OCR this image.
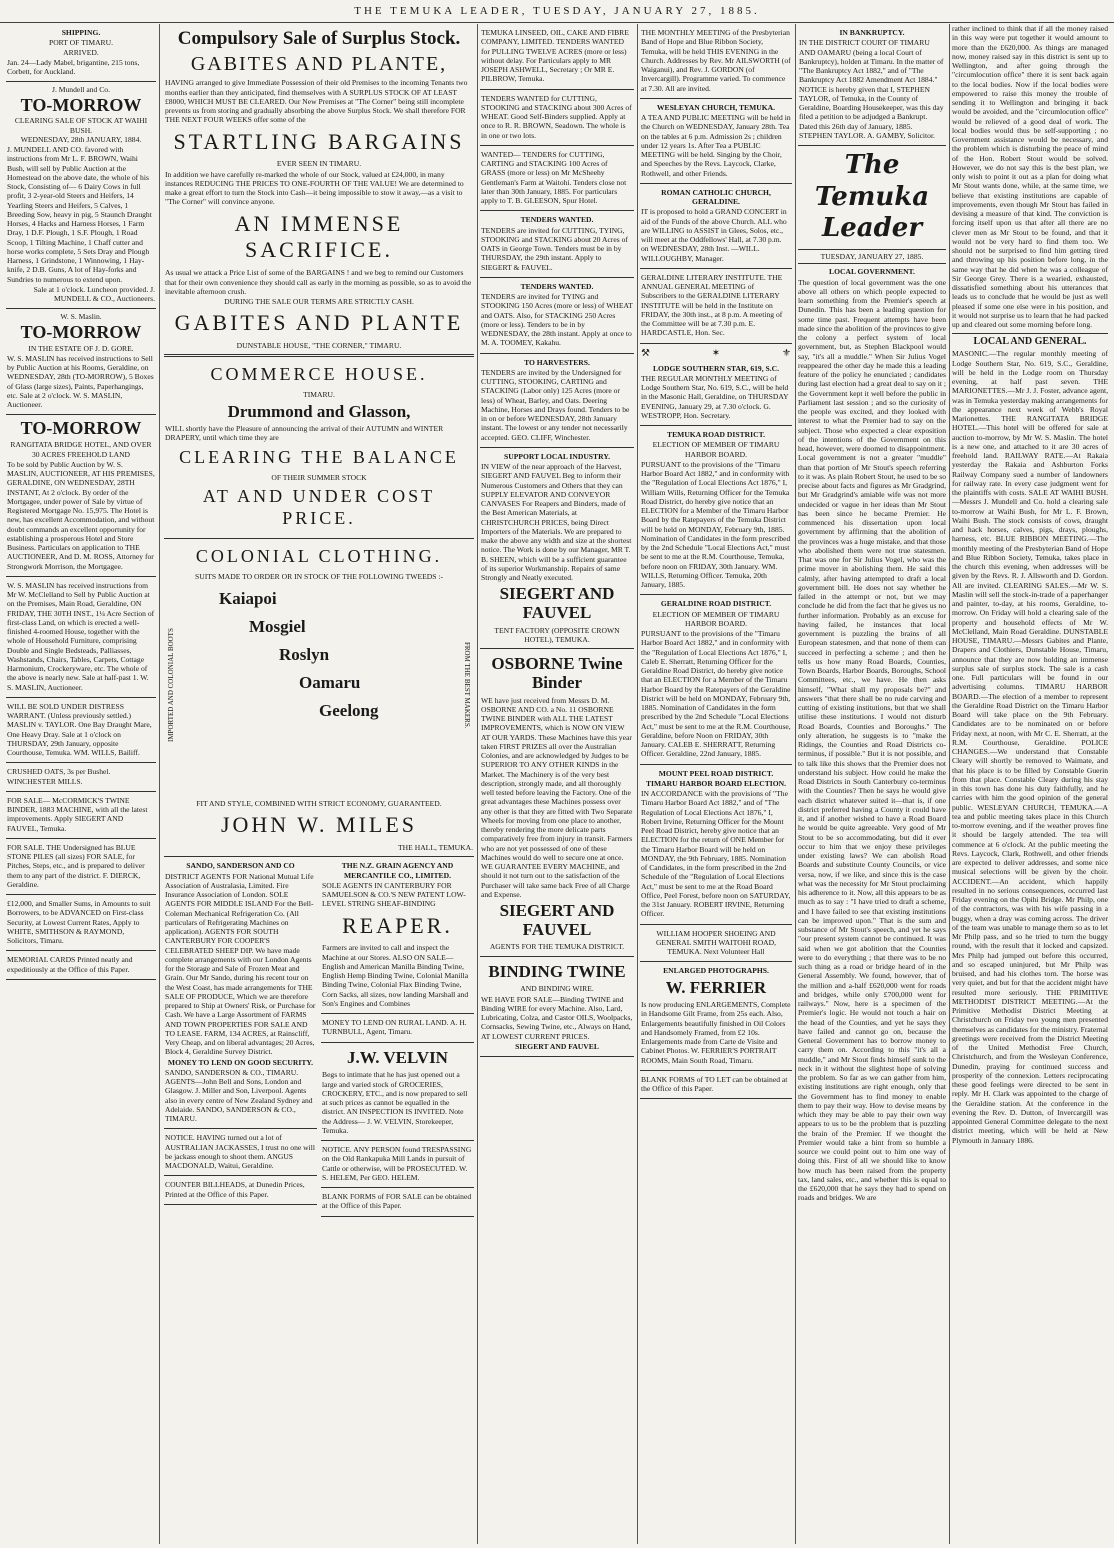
THE TEMUKA LEADER, TUESDAY, JANUARY 27, 1885.
SHIPPING.
PORT OF TIMARU.
ARRIVED.

Jan. 24—Lady Mabel, brigantine, 215 tons, Corbett, for Auckland.

J. Mundell and Co.
TO-MORROW
CLEARING SALE OF STOCK AT WAIHI BUSH.
WEDNESDAY, 28th JANUARY, 1884.

J. MUNDELL AND CO. favored with instructions from Mr L. F. BROWN, Waihi Bush, will sell by Public Auction at the Homestead on the above date, the whole of his Stock, Consisting of— 6 Dairy Cows in full profit, 3 2-year-old Steers and Heifers, 14 Yearling Steers and Heifers, 5 Calves, 1 Breeding Sow, heavy in pig, 5 Staunch Draught Horses, 4 Hacks and Harness Horses, 1 Farm Dray, 1 D.F. Plough, 1 S.F. Plough, 1 Road Scoop, 1 Tilting Machine, 1 Chaff cutter and horse works complete, 5 Sets Dray and Plough Harness, 1 Grindstone, 1 Winnowing, 1 Hay-knife, 2 D.B. Guns, A lot of Hay-forks and Sundries to numerous to extend upon.

Sale at 1 o'clock. Luncheon provided. J. MUNDELL & CO., Auctioneers.

W. S. Maslin.
TO-MORROW
IN THE ESTATE OF J. D. GORE.

W. S. MASLIN has received instructions to Sell by Public Auction at his Rooms, Geraldine, on WEDNESDAY, 28th (TO-MORROW), 5 Boxes of Glass (large sizes), Paints, Paperhangings, etc. Sale at 2 o'clock. W. S. MASLIN, Auctioneer.

TO-MORROW
RANGITATA BRIDGE HOTEL, AND OVER 30 ACRES FREEHOLD LAND

To be sold by Public Auction by W. S. MASLIN, AUCTIONEER, AT HIS PREMISES, GERALDINE, ON WEDNESDAY, 28TH INSTANT, At 2 o'clock. By order of the Mortgagee, under power of Sale by virtue of Registered Mortgage No. 15,975. The Hotel is new, has excellent Accommodation, and without doubt commands an excellent opportunity for establishing a prosperous Hotel and Store Business. Particulars on application to THE AUCTIONEER, And D. M. ROSS, Attorney for Strongwork Morrison, the Mortgagee.

W. S. MASLIN has received instructions from Mr W. McClelland to Sell by Public Auction at on the Premises, Main Road, Geraldine, ON FRIDAY, THE 30TH INST., 1¼ Acre Section of first-class Land, on which is erected a well-finished 4-roomed House, together with the whole of Household Furniture, comprising Double and Single Bedsteads, Palliasses, Washstands, Chairs, Tables, Carpets, Cottage Harmonium, Crockeryware, etc. The whole of the above is nearly new. Sale at half-past 1. W. S. MASLIN, Auctioneer.

WILL BE SOLD UNDER DISTRESS WARRANT. (Unless previously settled.) MASLIN v. TAYLOR. One Bay Draught Mare, One Heavy Dray. Sale at 1 o'clock on THURSDAY, 29th January, opposite Courthouse, Temuka. WM. WILLS, Bailiff.

CRUSHED OATS, 3s per Bushel. WINCHESTER MILLS.

FOR SALE— McCORMICK'S TWINE BINDER, 1883 MACHINE, with all the latest improvements. Apply SIEGERT AND FAUVEL, Temuka.

FOR SALE. THE Undersigned has BLUE STONE PILES (all sizes) FOR SALE, for Pitches, Steps, etc., and is prepared to deliver them to any part of the district. F. DIERCK, Geraldine.

£12,000, and Smaller Sums, in Amounts to suit Borrowers, to be ADVANCED on First-class Security, at Lowest Current Rates, Apply to WHITE, SMITHSON & RAYMOND, Solicitors, Timaru.

MEMORIAL CARDS Printed neatly and expeditiously at the Office of this Paper.

Compulsory Sale of Surplus Stock.
GABITES AND PLANTE,

HAVING arranged to give Immediate Possession of their old Premises to the incoming Tenants two months earlier than they anticipated, find themselves with A SURPLUS STOCK OF AT LEAST £8000, WHICH MUST BE CLEARED. Our New Premises at "The Corner" being still incomplete prevents us from storing and gradually absorbing the above Surplus Stock. We shall therefore FOR THE NEXT FOUR WEEKS offer some of the

STARTLING BARGAINS
EVER SEEN IN TIMARU.

In addition we have carefully re-marked the whole of our Stock, valued at £24,000, in many instances REDUCING THE PRICES TO ONE-FOURTH OF THE VALUE! We are determined to make a great effort to turn the Stock into Cash—it being impossible to stow it away,—as a visit to "The Corner" will convince anyone.

AN IMMENSE SACRIFICE.

As usual we attack a Price List of some of the BARGAINS ! and we beg to remind our Customers that for their own convenience they should call as early in the morning as possible, so as to avoid the inevitable afternoon crush.

DURING THE SALE OUR TERMS ARE STRICTLY CASH.
GABITES AND PLANTE
DUNSTABLE HOUSE, "THE CORNER," TIMARU.
COMMERCE HOUSE.
TIMARU.
Drummond and Glasson,

WILL shortly have the Pleasure of announcing the arrival of their AUTUMN and WINTER DRAPERY, until which time they are

CLEARING THE BALANCE
OF THEIR SUMMER STOCK
AT AND UNDER COST PRICE.
COLONIAL CLOTHING.
SUITS MADE TO ORDER OR IN STOCK OF THE FOLLOWING TWEEDS :-
IMPORTED AND COLONIAL BOOTS
Kaiapoi
Mosgiel
Roslyn
Oamaru
Geelong	FROM THE BEST MAKERS.
FIT AND STYLE, COMBINED WITH STRICT ECONOMY, GUARANTEED.
JOHN W. MILES
THE HALL, TEMUKA.
SANDO, SANDERSON AND CO

DISTRICT AGENTS FOR National Mutual Life Association of Australasia, Limited. Fire Insurance Association of London. SOLE AGENTS FOR MIDDLE ISLAND For the Bell-Coleman Mechanical Refrigeration Co. (All particulars of Refrigerating Machines on application). AGENTS FOR SOUTH CANTERBURY FOR COOPER'S CELEBRATED SHEEP DIP. We have made complete arrangements with our London Agents for the Storage and Sale of Frozen Meat and Grain. Our Mr Sando, during his recent tour on the West Coast, has made arrangements for THE SALE OF PRODUCE, Which we are therefore prepared to Ship at Owners' Risk, or Purchase for Cash. We have a Large Assortment of FARMS AND TOWN PROPERTIES FOR SALE AND TO LEASE. FARM, 134 ACRES, at Rainscliff, Very Cheap, and on liberal advantages; 20 Acres, Block 4, Geraldine Survey District.

MONEY TO LEND ON GOOD SECURITY.

SANDO, SANDERSON & CO., TIMARU. AGENTS—John Bell and Sons, London and Glasgow. J. Miller and Son, Liverpool. Agents also in every centre of New Zealand Sydney and Adelaide. SANDO, SANDERSON & CO., TIMARU.

NOTICE. HAVING turned out a lot of AUSTRALIAN JACKASSES, I trust no one will be jackass enough to shoot them. ANGUS MACDONALD, Waitui, Geraldine.

COUNTER BILLHEADS, at Dunedin Prices, Printed at the Office of this Paper.

THE N.Z. GRAIN AGENCY AND MERCANTILE CO., LIMITED.

SOLE AGENTS IN CANTERBURY FOR SAMUELSON & CO.'S NEW PATENT LOW-LEVEL STRING SHEAF-BINDING

REAPER.

Farmers are invited to call and inspect the Machine at our Stores. ALSO ON SALE— English and American Manilla Binding Twine, English Hemp Binding Twine, Colonial Manilla Binding Twine, Colonial Flax Binding Twine, Corn Sacks, all sizes, now landing Marshall and Son's Engines and Combines

MONEY TO LEND ON RURAL LAND. A. H. TURNBULL, Agent, Timaru.

J.W. VELVIN

Begs to intimate that he has just opened out a large and varied stock of GROCERIES, CROCKERY, ETC., and is now prepared to sell at such prices as cannot be equalled in the district. AN INSPECTION IS INVITED. Note the Address— J. W. VELVIN, Storekeeper, Temuka.

NOTICE. ANY PERSON found TRESPASSING on the Old Rankapuka Mill Lands in pursuit of Cattle or otherwise, will be PROSECUTED. W. S. HELEM, Per GEO. HELEM.

BLANK FORMS of FOR SALE can be obtained at the Office of this Paper.

TEMUKA LINSEED, OIL, CAKE AND FIBRE COMPANY, LIMITED. TENDERS WANTED for PULLING TWELVE ACRES (more or less) without delay. For Particulars apply to MR JOSEPH ASHWELL, Secretary ; Or MR E. PILBROW, Temuka.

TENDERS WANTED for CUTTING, STOOKING and STACKING about 300 Acres of WHEAT. Good Self-Binders supplied. Apply at once to R. R. BROWN, Seadown. The whole is in one or two lots.

WANTED— TENDERS for CUTTING, CARTING and STACKING 100 Acres of GRASS (more or less) on Mr McSheehy Gentleman's Farm at Waitohi. Tenders close not later than 30th January, 1885. For particulars apply to T. B. GLEESON, Spur Hotel.

TENDERS WANTED.

TENDERS are invited for CUTTING, TYING, STOOKING and STACKING about 20 Acres of OATS in George Town. Tenders must be in by THURSDAY, the 29th instant. Apply to SIEGERT & FAUVEL.

TENDERS WANTED.

TENDERS are invited for TYING and STOOKING 150 Acres (more or less) of WHEAT and OATS. Also, for STACKING 250 Acres (more or less). Tenders to be in by WEDNESDAY, the 28th instant. Apply at once to M. A. TOOMEY, Kakahu.

TO HARVESTERS.

TENDERS are invited by the Undersigned for CUTTING, STOOKING, CARTING and STACKING (Labor only) 125 Acres (more or less) of Wheat, Barley, and Oats. Deering Machine, Horses and Drays found. Tenders to be in on or before WEDNESDAY, 28th January instant. The lowest or any tender not necessarily accepted. GEO. CLIFF, Winchester.

SUPPORT LOCAL INDUSTRY.

IN VIEW of the near approach of the Harvest, SIEGERT AND FAUVEL Beg to inform their Numerous Customers and Others that they can SUPPLY ELEVATOR AND CONVEYOR CANVASES For Reapers and Binders, made of the Best American Materials, at CHRISTCHURCH PRICES, being Direct Importers of the Materials. We are prepared to make the above any width and size at the shortest notice. The Work is done by our Manager, MR T. B. SHEEN, which will be a sufficient guarantee of its superior Workmanship. Repairs of same Strongly and Neatly executed.

SIEGERT AND FAUVEL
TENT FACTORY (OPPOSITE CROWN HOTEL), TEMUKA.
OSBORNE Twine Binder

WE have just received from Messrs D. M. OSBORNE AND CO. a No. 11 OSBORNE TWINE BINDER with ALL THE LATEST IMPROVEMENTS, which is NOW ON VIEW AT OUR YARDS. These Machines have this year taken FIRST PRIZES all over the Australian Colonies, and are acknowledged by Judges to be SUPERIOR TO ANY OTHER KINDS in the Market. The Machinery is of the very best description, strongly made, and all thoroughly well tested before leaving the Factory. One of the great advantages these Machines possess over any other is that they are fitted with Two Separate Wheels for moving from one place to another, thereby rendering the more delicate parts comparatively free from injury in transit. Farmers who are not yet possessed of one of these Machines would do well to secure one at once. WE GUARANTEE EVERY MACHINE, and should it not turn out to the satisfaction of the Purchaser will take same back Free of all Charge and Expense.

SIEGERT AND FAUVEL
AGENTS FOR THE TEMUKA DISTRICT.
BINDING TWINE
AND BINDING WIRE.

WE HAVE FOR SALE—Binding TWINE and Binding WIRE for every Machine. Also, Lard, Lubricating, Colza, and Castor OILS, Woolpacks, Cornsacks, Sewing Twine, etc., Always on Hand, AT LOWEST CURRENT PRICES.

SIEGERT AND FAUVEL

THE MONTHLY MEETING of the Presbyterian Band of Hope and Blue Ribbon Society, Temuka, will be held THIS EVENING in the Church. Addresses by Rev. Mr AILSWORTH (of Waiganui), and Rev. J. GORDON (of Invercargill). Programme varied. To commence at 7.30. All are invited.

WESLEYAN CHURCH, TEMUKA.

A TEA AND PUBLIC MEETING will be held in the Church on WEDNESDAY, January 28th. Tea on the tables at 6 p.m. Admission 2s ; children under 12 years 1s. After Tea a PUBLIC MEETING will be held. Singing by the Choir, and Speeches by the Revs. Laycock, Clarke, Rothwell, and other Friends.

ROMAN CATHOLIC CHURCH, GERALDINE.

IT is proposed to hold a GRAND CONCERT in aid of the Funds of the above Church. ALL who are WILLING to ASSIST in Glees, Solos, etc., will meet at the Oddfellows' Hall, at 7.30 p.m. on WEDNESDAY, 28th Inst. —WILL. WILLOUGHBY, Manager.

GERALDINE LITERARY INSTITUTE. THE ANNUAL GENERAL MEETING of Subscribers to the GERALDINE LITERARY INSTITUTE will be held in the Institute on FRIDAY, the 30th inst., at 8 p.m. A meeting of the Committee will be at 7.30 p.m. E. HARDCASTLE, Hon. Sec.

⚒	✶	⚜
LODGE SOUTHERN STAR, 619, S.C.

THE REGULAR MONTHLY MEETING of Lodge Southern Star, No. 619, S.C., will be held in the Masonic Hall, Geraldine, on THURSDAY EVENING, January 29, at 7.30 o'clock. G. WESTROPP, Hon. Secretary.

TEMUKA ROAD DISTRICT.
ELECTION OF MEMBER OF TIMARU HARBOR BOARD.

PURSUANT to the provisions of the "Timaru Harbor Board Act 1882," and in conformity with the "Regulation of Local Elections Act 1876," I, William Wills, Returning Officer for the Temuka Road District, do hereby give notice that an ELECTION for a Member of the Timaru Harbor Board by the Ratepayers of the Temuka District will be held on MONDAY, February 9th, 1885. Nomination of Candidates in the form prescribed by the 2nd Schedule "Local Elections Act," must be sent to me at the R.M. Courthouse, Temuka, before noon on FRIDAY, 30th January. WM. WILLS, Returning Officer. Temuka, 20th January, 1885.

GERALDINE ROAD DISTRICT.
ELECTION OF MEMBER OF TIMARU HARBOR BOARD.

PURSUANT to the provisions of the "Timaru Harbor Board Act 1882," and in conformity with the "Regulation of Local Elections Act 1876," I, Caleb E. Sherratt, Returning Officer for the Geraldine Road District, do hereby give notice that an ELECTION for a Member of the Timaru Harbor Board by the Ratepayers of the Geraldine District will be held on MONDAY, February 9th, 1885. Nomination of Candidates in the form prescribed by the 2nd Schedule "Local Elections Act," must be sent to me at the R.M. Courthouse, Geraldine, before Noon on FRIDAY, 30th January. CALEB E. SHERRATT, Returning Officer. Geraldine, 22nd January, 1885.

MOUNT PEEL ROAD DISTRICT.
TIMARU HARBOR BOARD ELECTION.

IN ACCORDANCE with the provisions of "The Timaru Harbor Board Act 1882," and of "The Regulation of Local Elections Act 1876," I, Robert Irvine, Returning Officer for the Mount Peel Road District, hereby give notice that an ELECTION for the return of ONE Member for the Timaru Harbor Board will be held on MONDAY, the 9th February, 1885. Nomination of Candidates, in the form prescribed in the 2nd Schedule of the "Regulation of Local Elections Act," must be sent to me at the Road Board Office, Peel Forest, before noon on SATURDAY, the 31st January. ROBERT IRVINE, Returning Officer.

WILLIAM HOOPER SHOEING AND GENERAL SMITH WAITOHI ROAD, TEMUKA. Next Volunteer Hall

ENLARGED PHOTOGRAPHS.
W. FERRIER

Is now producing ENLARGEMENTS, Complete in Handsome Gilt Frame, from 25s each. Also, Enlargements beautifully finished in Oil Colors and Handsomely Framed, from £2 10s. Enlargements made from Carte de Visite and Cabinet Photos. W. FERRIER'S PORTRAIT ROOMS, Main South Road, Timaru.

BLANK FORMS of TO LET can be obtained at the Office of this Paper.

IN BANKRUPTCY.

IN THE DISTRICT COURT OF TIMARU AND OAMARU (being a local Court of Bankruptcy), holden at Timaru. In the matter of "The Bankruptcy Act 1882," and of "The Bankruptcy Act 1882 Amendment Act 1884." NOTICE is hereby given that I, STEPHEN TAYLOR, of Temuka, in the County of Geraldine, Boarding Housekeeper, was this day filed a petition to be adjudged a Bankrupt. Dated this 26th day of January, 1885. STEPHEN TAYLOR. A. GAMBY, Solicitor.

The Temuka Leader
TUESDAY, JANUARY 27, 1885.
LOCAL GOVERNMENT.

The question of local government was the one above all others on which people expected to learn something from the Premier's speech at Dunedin. This has been a leading question for some time past. Frequent attempts have been made since the abolition of the provinces to give the colony a perfect system of local government, but, as Stephen Blackpool would say, "it's all a muddle." When Sir Julius Vogel reappeared the other day he made this a leading feature of the policy he enunciated ; candidates during last election had a great deal to say on it ; the Government kept it well before the public in Parliament last session ; and so the curiosity of the people was excited, and they looked with interest to what the Premier had to say on the subject. Those who expected a clear exposition of the intentions of the Government on this head, however, were doomed to disappointment. Local government is not a greater "muddle" than that portion of Mr Stout's speech referring to it was. As plain Robert Stout, he used to be so precise about facts and figures as Mr Gradgrind, but Mr Gradgrind's amiable wife was not more undecided or vague in her ideas than Mr Stout has been since he became Premier. He commenced his dissertation upon local government by affirming that the abolition of the provinces was a huge mistake, and that those who abolished them were not true statesmen. That was one for Sir Julius Vogel, who was the prime mover in abolishing them. He said this calmly, after having attempted to draft a local government bill. He does not say whether he failed in the attempt or not, but we may conclude he did from the fact that he gives us no further information. Probably as an excuse for having failed, he instances that local government is puzzling the brains of all European statesmen, and that none of them can succeed in perfecting a scheme ; and then he tells us how many Road Boards, Counties, Town Boards, Harbor Boards, Boroughs, School Committees, etc., we have. He then asks himself, "What shall my proposals be?" and answers "that there shall be no rude carving and cutting of existing institutions, but that we shall utilise these institutions. I would not disturb Road Boards, Counties and Boroughs." The only alteration, he suggests is to "make the Ridings, the Counties and Road Districts co-terminus, if possible." But it is not possible, and to talk like this shows that the Premier does not understand his subject. How could he make the Road Districts in South Canterbury co-terminus with the Counties? Then he says he would give each district whatever suited it—that is, if one district preferred having a County it could have it, and if another wished to have a Road Board he would be quite agreeable. Very good of Mr Stout to be so accommodating, but did it ever occur to him that we enjoy these privileges under existing laws? We can abolish Road Boards and substitute County Councils, or vice versa, now, if we like, and since this is the case what was the necessity for Mr Stout proclaiming his adherence to it. Now, all this appears to be as much as to say : "I have tried to draft a scheme, and I have failed to see that existing institutions can be improved upon." That is the sum and substance of Mr Stout's speech, and yet he says "our present system cannot be continued. It was said when we got abolition that the Counties were to do everything ; that there was to be no such thing as a road or bridge heard of in the General Assembly. We found, however, that of the million and a-half £620,000 went for roads and bridges, while only £700,000 went for railways." Now, here is a specimen of the Premier's logic. He would not touch a hair on the head of the Counties, and yet he says they have failed and cannot go on, because the General Government has to borrow money to carry them on. According to this "it's all a muddle," and Mr Stout finds himself sunk to the neck in it without the slightest hope of solving the problem. So far as we can gather from him, existing institutions are right enough, only that the Government has to find money to enable them to pay their way. How to devise means by which they may be able to pay their own way appears to us to be the problem that is puzzling the brain of the Premier. If we thought the Premier would take a hint from so humble a source we could point out to him one way of doing this. First of all we should like to know how much has been raised from the property tax, land sales, etc., and whether this is equal to the £620,000 that he says they had to spend on roads and bridges. We are

rather inclined to think that if all the money raised in this way were put together it would amount to more than the £620,000. As things are managed now, money raised say in this district is sent up to Wellington, and after going through the "circumlocution office" there it is sent back again to the local bodies. Now if the local bodies were empowered to raise this money the trouble of sending it to Wellington and bringing it back would be avoided, and the "circumlocution office" would be relieved of a good deal of work. The local bodies would thus be self-supporting ; no Government assistance would be necessary, and the problem which is disturbing the peace of mind of the Hon. Robert Stout would be solved. However, we do not say this is the best plan, we only wish to point it out as a plan for doing what Mr Stout wants done, while, at the same time, we believe that existing institutions are capable of improvements, even though Mr Stout has failed in devising a measure of that kind. The conviction is forcing itself upon us that after all there are no clever men as Mr Stout to be found, and that it would not be very hard to find them too. We should not be surprised to find him getting tired and throwing up his position before long, in the same way that he did when he was a colleague of Sir George Grey. There is a wearied, exhausted, dissatisfied something about his utterances that leads us to conclude that he would be just as well pleased if some one else were in his position, and it would not surprise us to learn that he had packed up and cleared out some morning before long.

LOCAL AND GENERAL.

MASONIC.—The regular monthly meeting of Lodge Southern Star, No. 619, S.C., Geraldine, will be held in the Lodge room on Thursday evening, at half past seven. THE MARIONETTES.—Mr J. J. Foster, advance agent, was in Temuka yesterday making arrangements for the appearance next week of Webb's Royal Marionettes. THE RANGITATA BRIDGE HOTEL.—This hotel will be offered for sale at auction to-morrow, by Mr W. S. Maslin. The hotel is a new one, and attached to it are 30 acres of freehold land. RAILWAY RATE.—At Rakaia yesterday the Rakaia and Ashburton Forks Railway Company sued a number of landowners for railway rate. In every case judgment went for the plaintiffs with costs. SALE AT WAIHI BUSH.—Messrs J. Mundell and Co. hold a clearing sale to-morrow at Waihi Bush, for Mr L. F. Brown, Waihi Bush. The stock consists of cows, draught and hack horses, calves, pigs, drays, ploughs, harness, etc. BLUE RIBBON MEETING.—The monthly meeting of the Presbyterian Band of Hope and Blue Ribbon Society, Temuka, takes place in the church this evening, when addresses will be given by the Revs. R. J. Allsworth and D. Gordon. All are invited. CLEARING SALES.—Mr W. S. Maslin will sell the stock-in-trade of a paperhanger and painter, to-day, at his rooms, Geraldine, to-morrow. On Friday will hold a clearing sale of the property and household effects of Mr W. McClelland, Main Road Geraldine. DUNSTABLE HOUSE, TIMARU.—Messrs Gabites and Plante, Drapers and Clothiers, Dunstable House, Timaru, announce that they are now holding an immense surplus sale of surplus stock. The sale is a cash one. Full particulars will be found in our advertising columns. TIMARU HARBOR BOARD.—The election of a member to represent the Geraldine Road District on the Timaru Harbor Board will take place on the 9th February. Candidates are to be nominated on or before Friday next, at noon, with Mr C. E. Sherratt, at the R.M. Courthouse, Geraldine. POLICE CHANGES.—We understand that Constable Cleary will shortly be removed to Waimate, and that his place is to be filled by Constable Guerin from that place. Constable Cleary during his stay in this town has done his duty faithfully, and he carries with him the good opinion of the general public. WESLEYAN CHURCH, TEMUKA.—A tea and public meeting takes place in this Church to-morrow evening, and if the weather proves fine it should be largely attended. The tea will commence at 6 o'clock. At the public meeting the Revs. Laycock, Clark, Rothwell, and other friends are expected to deliver addresses, and some nice musical selections will be given by the choir. ACCIDENT.—An accident, which happily resulted in no serious consequences, occurred last Friday evening on the Opihi Bridge. Mr Philp, one of the contractors, was with his wife passing in a buggy, when a dray was coming across. The driver of the team was unable to manage them so as to let Mr Philp pass, and so he tried to turn the buggy round, with the result that it locked and capsized. Mrs Philp had jumped out before this occurred, and so escaped uninjured, but Mr Philp was bruised, and had his clothes torn. The horse was very quiet, and but for that the accident might have resulted more seriously. THE PRIMITIVE METHODIST DISTRICT MEETING.—At the Primitive Methodist District Meeting at Christchurch on Friday two young men presented themselves as candidates for the ministry. Fraternal greetings were received from the District Meeting of the United Methodist Free Church, Christchurch, and from the Wesleyan Conference, Dunedin, praying for continued success and prosperity of the connexion. Letters reciprocating these good feelings were directed to be sent in reply. Mr H. Clark was appointed to the charge of the Geraldine station. At the conference in the evening the Rev. D. Dutton, of Invercargill was appointed General Committee delegate to the next district meeting, which will be held at New Plymouth in January 1886.
